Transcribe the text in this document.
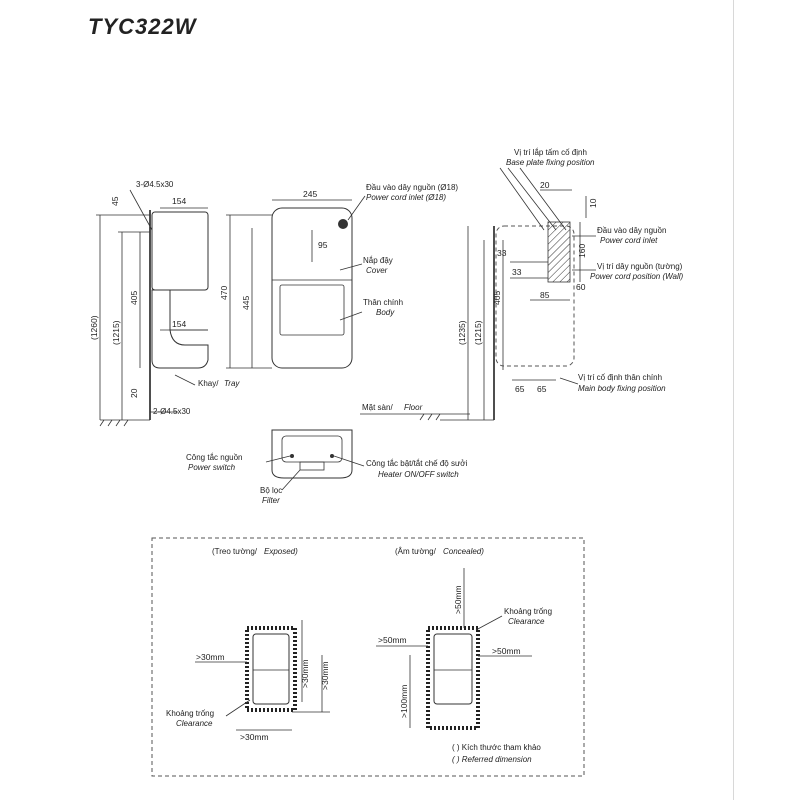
TYC322W
3-Ø4.5x30
45	154
154
405
(1215)
(1260)
20
Khay/ Tray
2-Ø4.5x30
245
95
470
445
Đầu vào dây nguồn (Ø18)
Power cord inlet (Ø18)
Nắp đậy
Cover
Thân chính
Body
Mặt sàn/ Floor
Vị trí lắp tấm cố định
Base plate fixing position
20
10
33
33
160
60
85
405
(1215)
(1235)
65 65
Đầu vào dây nguồn
Power cord inlet
Vị trí dây nguồn (tường)
Power cord position (Wall)
Vị trí cố định thân chính
Main body fixing position
Công tắc nguồn
Power switch	Công tắc bật/tắt chế độ sưởi
Heater ON/OFF switch
Bộ lọc
Filter
(Treo tường/ Exposed)	(Âm tường/ Concealed)
>30mm
>30mm >30mm
>30mm
Khoảng trống
Clearance
>50mm
>50mm
>50mm
>100mm
Khoảng trống
Clearance
( ) Kích thước tham khảo
( ) Referred dimension
